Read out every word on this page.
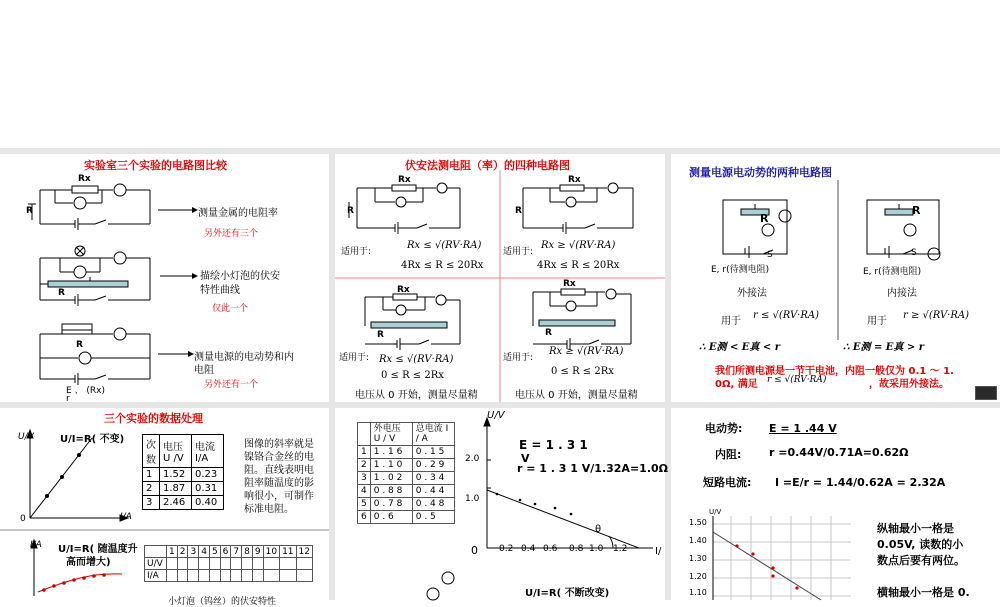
实验室三个实验的电路图比较
Rx
R
R
R
测量金属的电阻率
另外还有三个
描绘小灯泡的伏安
特性曲线
仅此一个
测量电源的电动势和内
电阻
另外还有一个
E 、 (Rx)
r
伏安法测电阻（率）的四种电路图
Rx	Rx
Rx
Rx
R	R
R	R
适用于:
Rx ≤ √(RV·RA)
4Rx ≤ R ≤ 20Rx
适用于:
Rx ≥ √(RV·RA)
4Rx ≤ R ≤ 20Rx
适用于: Rx ≤ √(RV·RA)
0 ≤ R ≤ 2Rx
适用于:
Rx ≥ √(RV·RA)
0 ≤ R ≤ 2Rx
电压从 0 开始，测量尽量精	电压从 0 开始，测量尽量精
测量电源电动势的两种电路图
R
R
S	S
E, r(待测电阻)	E, r(待测电阻)
外接法	内接法
用于
r ≤ √(RV·RA)
用于
r ≥ √(RV·RA)
∴ E测 < E真 < r	∴ E测 = E真 > r
我们所测电源是一节干电池，内阻一般仅为 0.1 ～ 1.
0Ω, 满足 r ≤ √(RV·RA)	，故采用外接法。
三个实验的数据处理
U/V
I/A
0
U/I=R( 不变)
次数	电压 U /V	电流 I/A
1	1.52	0.23
2	1.87	0.31
3	2.46	0.40
图像的斜率就是
镍铬合金丝的电
阻。直线表明电
阻率随温度的影
响很小，可制作
标准电阻。
I/A U/I=R( 随温度升
高而增大)
	1	2	3	4	5	6	7	8	9	10	11	12
U/V												
I/A												
小灯泡（钨丝）的伏安特性
	外电压 U / V	总电流 I / A
1	1 . 1 6	0 . 1 5
2	1 . 1 0	0 . 2 9
3	1 . 0 2	0 . 3 4
4	0 . 8 8	0 . 4 4
5	0 . 7 8	0 . 4 8
6	0 . 6	0 . 5
U/V
E = 1 . 3 1
V
r = 1 . 3 1 V/1.32A=1.0Ω
2.0
1.0
0 0.2 0.4 0.6 0.8 1.0 1.2
θ
I/
U/I=R( 不断改变)
电动势: E = 1 .44 V
内阻:	r =0.44V/0.71A=0.62Ω
短路电流: I =E/r = 1.44/0.62A = 2.32A
U/V
1.50
1.40
1.30
1.20
1.10
纵轴最小一格是
0.05V, 读数的小
数点后要有两位。
横轴最小一格是 0.
